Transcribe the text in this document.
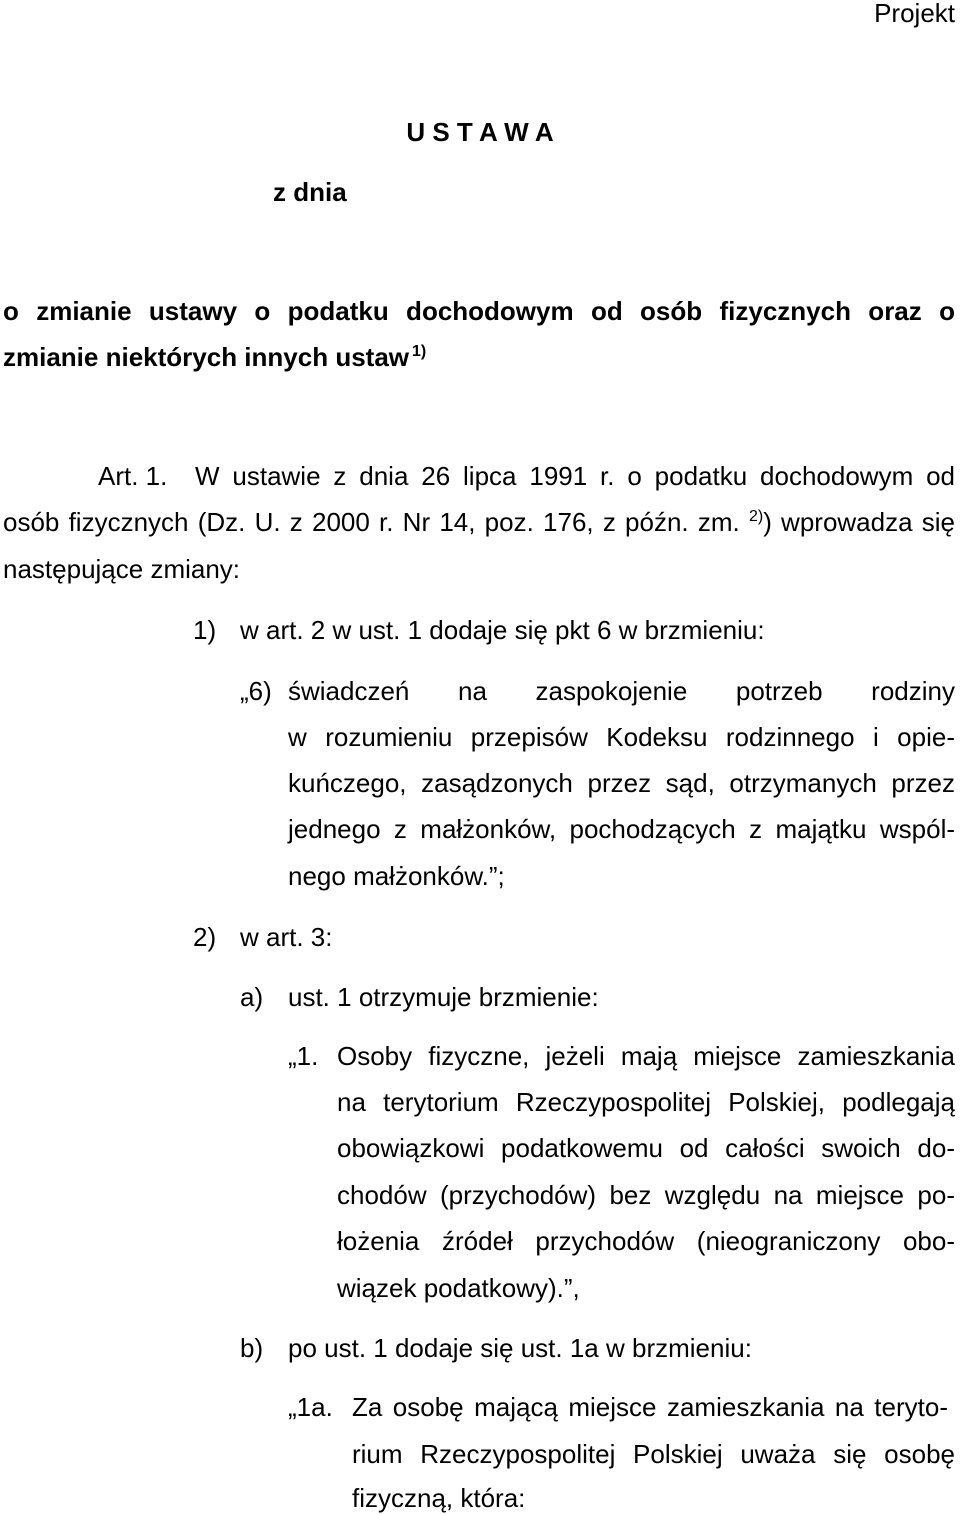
Projekt
U S T A W A
z dnia
o zmianie ustawy o podatku dochodowym od osób fizycznych oraz o
zmianie niektórych innych ustaw $^{1)}$
Art. 1. W ustawie z dnia 26 lipca 1991 r. o podatku dochodowym od
osób fizycznych (Dz. U. z 2000 r. Nr 14, poz. 176, z późn. zm. $^{2)}$) wprowadza się
następujące zmiany:
1) w art. 2 w ust. 1 dodaje się pkt 6 w brzmieniu:
„6) świadczeń na zaspokojenie potrzeb rodziny
w rozumieniu przepisów Kodeksu rodzinnego i opie-
kuńczego, zasądzonych przez sąd, otrzymanych przez
jednego z małżonków, pochodzących z majątku wspól-
nego małżonków.”;
2) w art. 3:
a) ust. 1 otrzymuje brzmienie:
„1. Osoby fizyczne, jeżeli mają miejsce zamieszkania
na terytorium Rzeczypospolitej Polskiej, podlegają
obowiązkowi podatkowemu od całości swoich do-
chodów (przychodów) bez względu na miejsce po-
łożenia źródeł przychodów (nieograniczony obo-
wiązek podatkowy).”,
b) po ust. 1 dodaje się ust. 1a w brzmieniu:
„1a. Za osobę mającą miejsce zamieszkania na teryto-
rium Rzeczypospolitej Polskiej uważa się osobę
fizyczną, która:
